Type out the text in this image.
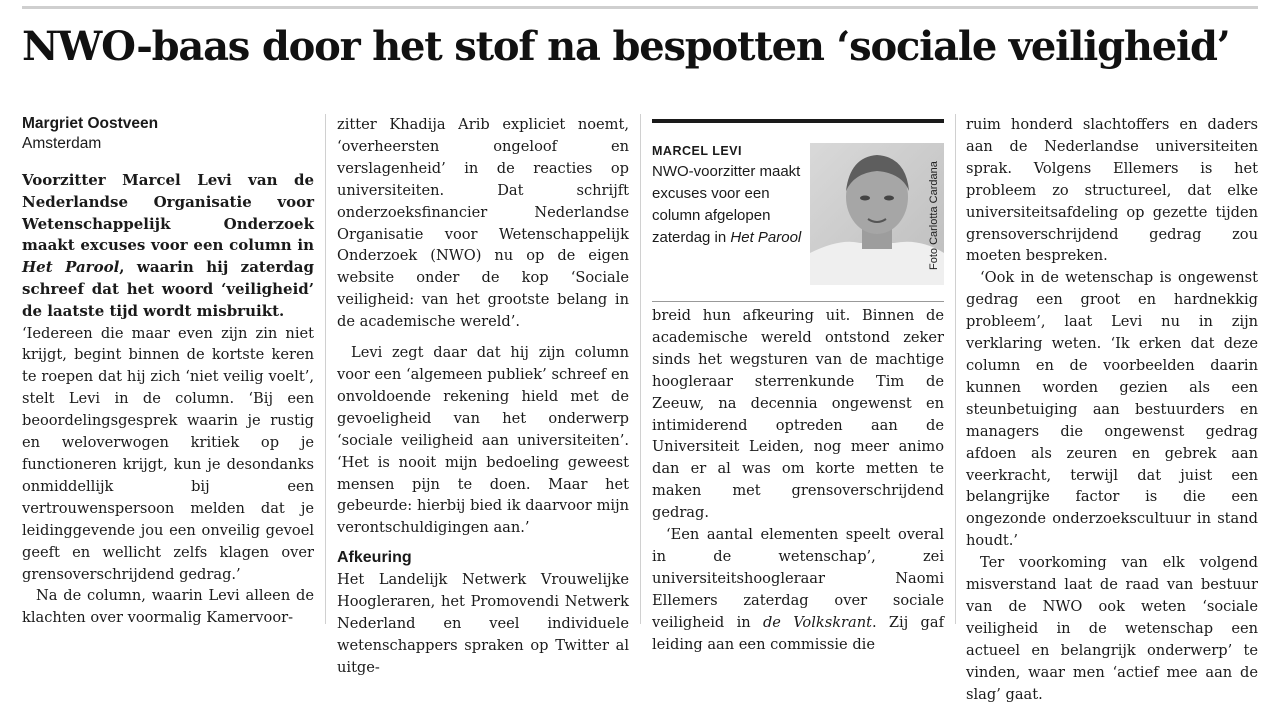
NWO-baas door het stof na bespotten ‘sociale veiligheid’
Margriet Oostveen
Amsterdam

Voorzitter Marcel Levi van de Nederlandse Organisatie voor Wetenschappelijk Onderzoek maakt excuses voor een column in Het Parool, waarin hij zaterdag schreef dat het woord ‘veiligheid’ de laatste tijd wordt misbruikt.

‘Iedereen die maar even zijn zin niet krijgt, begint binnen de kortste keren te roepen dat hij zich ‘niet veilig voelt’, stelt Levi in de column. ‘Bij een beoordelingsgesprek waarin je rustig en weloverwogen kritiek op je functioneren krijgt, kun je desondanks onmiddellijk bij een vertrouwenspersoon melden dat je leidinggevende jou een onveilig gevoel geeft en wellicht zelfs klagen over grensoverschrijdend gedrag.’

Na de column, waarin Levi alleen de klachten over voormalig Kamervoor-

zitter Khadija Arib expliciet noemt, ‘overheersten ongeloof en verslagenheid’ in de reacties op universiteiten. Dat schrijft onderzoeksfinancier Nederlandse Organisatie voor Wetenschappelijk Onderzoek (NWO) nu op de eigen website onder de kop ‘Sociale veiligheid: van het grootste belang in de academische wereld’.

Levi zegt daar dat hij zijn column voor een ‘algemeen publiek’ schreef en onvoldoende rekening hield met de gevoeligheid van het onderwerp ‘sociale veiligheid aan universiteiten’. ‘Het is nooit mijn bedoeling geweest mensen pijn te doen. Maar het gebeurde: hierbij bied ik daarvoor mijn verontschuldigingen aan.’

Afkeuring

Het Landelijk Netwerk Vrouwelijke Hoogleraren, het Promovendi Netwerk Nederland en veel individuele wetenschappers spraken op Twitter al uitge-

MARCEL LEVI
NWO-voorzitter maakt excuses voor een column afgelopen zaterdag in Het Parool	Foto Carlotta Cardana

breid hun afkeuring uit. Binnen de academische wereld ontstond zeker sinds het wegsturen van de machtige hoogleraar sterrenkunde Tim de Zeeuw, na decennia ongewenst en intimiderend optreden aan de Universiteit Leiden, nog meer animo dan er al was om korte metten te maken met grensoverschrijdend gedrag.

‘Een aantal elementen speelt overal in de wetenschap’, zei universiteitshoogleraar Naomi Ellemers zaterdag over sociale veiligheid in de Volkskrant. Zij gaf leiding aan een commissie die

ruim honderd slachtoffers en daders aan de Nederlandse universiteiten sprak. Volgens Ellemers is het probleem zo structureel, dat elke universiteitsafdeling op gezette tijden grensoverschrijdend gedrag zou moeten bespreken.

‘Ook in de wetenschap is ongewenst gedrag een groot en hardnekkig probleem’, laat Levi nu in zijn verklaring weten. ‘Ik erken dat deze column en de voorbeelden daarin kunnen worden gezien als een steunbetuiging aan bestuurders en managers die ongewenst gedrag afdoen als zeuren en gebrek aan veerkracht, terwijl dat juist een belangrijke factor is die een ongezonde onderzoekscultuur in stand houdt.’

Ter voorkoming van elk volgend misverstand laat de raad van bestuur van de NWO ook weten ‘sociale veiligheid in de wetenschap een actueel en belangrijk onderwerp’ te vinden, waar men ‘actief mee aan de slag’ gaat.
